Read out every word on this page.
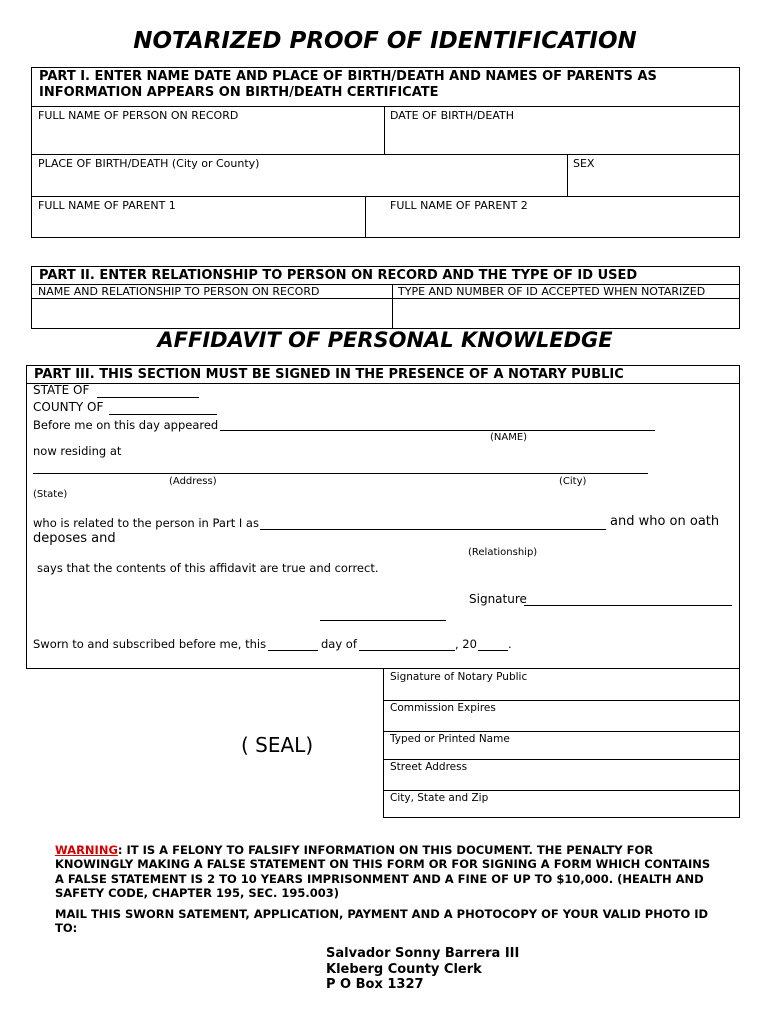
NOTARIZED PROOF OF IDENTIFICATION
PART I. ENTER NAME DATE AND PLACE OF BIRTH/DEATH AND NAMES OF PARENTS AS
INFORMATION APPEARS ON BIRTH/DEATH CERTIFICATE
FULL NAME OF PERSON ON RECORD	DATE OF BIRTH/DEATH
PLACE OF BIRTH/DEATH (City or County)	SEX
FULL NAME OF PARENT 1	FULL NAME OF PARENT 2
PART II. ENTER RELATIONSHIP TO PERSON ON RECORD AND THE TYPE OF ID USED
NAME AND RELATIONSHIP TO PERSON ON RECORD	TYPE AND NUMBER OF ID ACCEPTED WHEN NOTARIZED
AFFIDAVIT OF PERSONAL KNOWLEDGE
PART III. THIS SECTION MUST BE SIGNED IN THE PRESENCE OF A NOTARY PUBLIC
STATE OF
COUNTY OF
Before me on this day appeared
(NAME)
now residing at
(Address)	(City)
(State)
who is related to the person in Part I as	and who on oath
deposes and
(Relationship)
says that the contents of this affidavit are true and correct.
Signature
Sworn to and subscribed before me, this	day of	, 20	.
Signature of Notary Public
Commission Expires
Typed or Printed Name
Street Address
City, State and Zip
( SEAL)
WARNING: IT IS A FELONY TO FALSIFY INFORMATION ON THIS DOCUMENT. THE PENALTY FOR KNOWINGLY MAKING A FALSE STATEMENT ON THIS FORM OR FOR SIGNING A FORM WHICH CONTAINS A FALSE STATEMENT IS 2 TO 10 YEARS IMPRISONMENT AND A FINE OF UP TO $10,000. (HEALTH AND SAFETY CODE, CHAPTER 195, SEC. 195.003)
MAIL THIS SWORN SATEMENT, APPLICATION, PAYMENT AND A PHOTOCOPY OF YOUR VALID PHOTO ID TO:
Salvador Sonny Barrera III
Kleberg County Clerk
P O Box 1327
